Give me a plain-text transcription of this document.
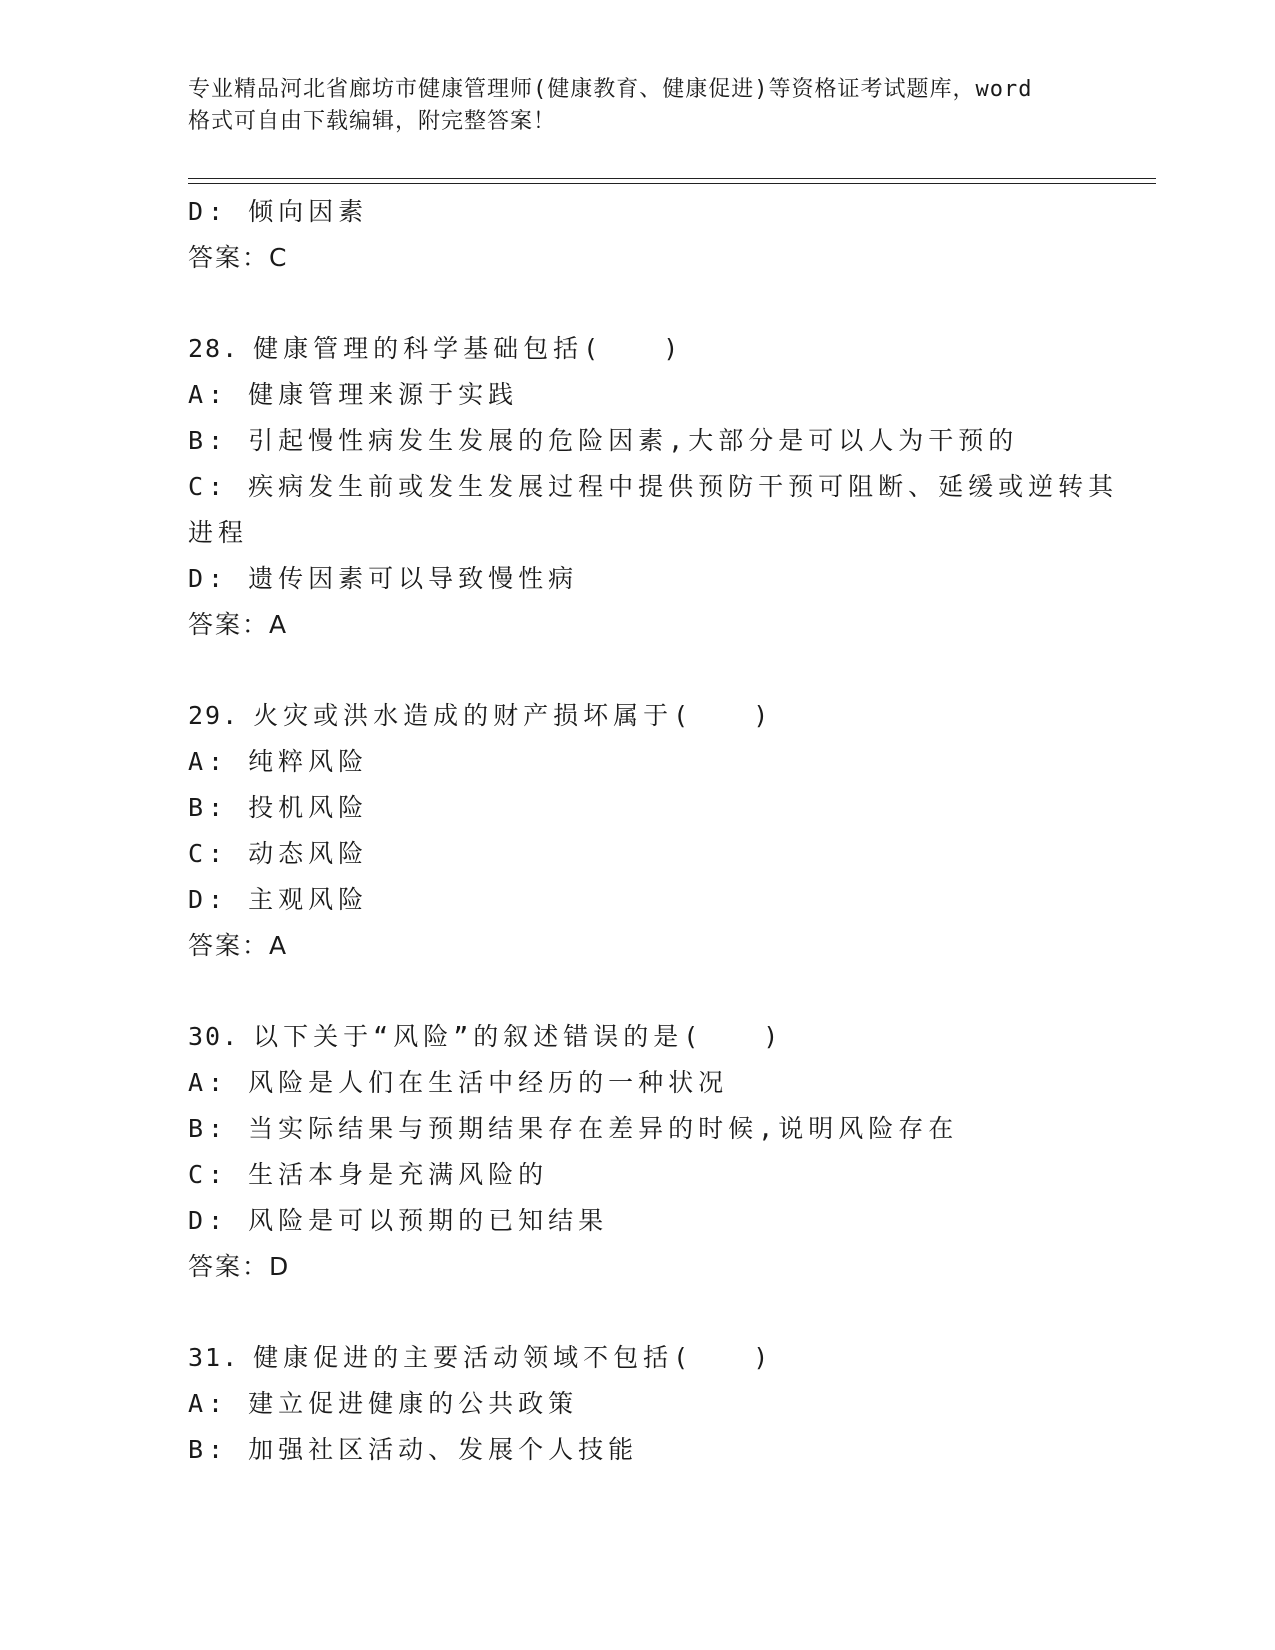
专业精品河北省廊坊市健康管理师(健康教育、健康促进)等资格证考试题库，word
格式可自由下载编辑，附完整答案！
D: 倾向因素
答案：C
28. 健康管理的科学基础包括(　　)
A: 健康管理来源于实践
B: 引起慢性病发生发展的危险因素,大部分是可以人为干预的
C: 疾病发生前或发生发展过程中提供预防干预可阻断、延缓或逆转其
进程
D: 遗传因素可以导致慢性病
答案：A
29. 火灾或洪水造成的财产损坏属于(　　)
A: 纯粹风险
B: 投机风险
C: 动态风险
D: 主观风险
答案：A
30. 以下关于“风险”的叙述错误的是(　　)
A: 风险是人们在生活中经历的一种状况
B: 当实际结果与预期结果存在差异的时候,说明风险存在
C: 生活本身是充满风险的
D: 风险是可以预期的已知结果
答案：D
31. 健康促进的主要活动领域不包括(　　)
A: 建立促进健康的公共政策
B: 加强社区活动、发展个人技能
